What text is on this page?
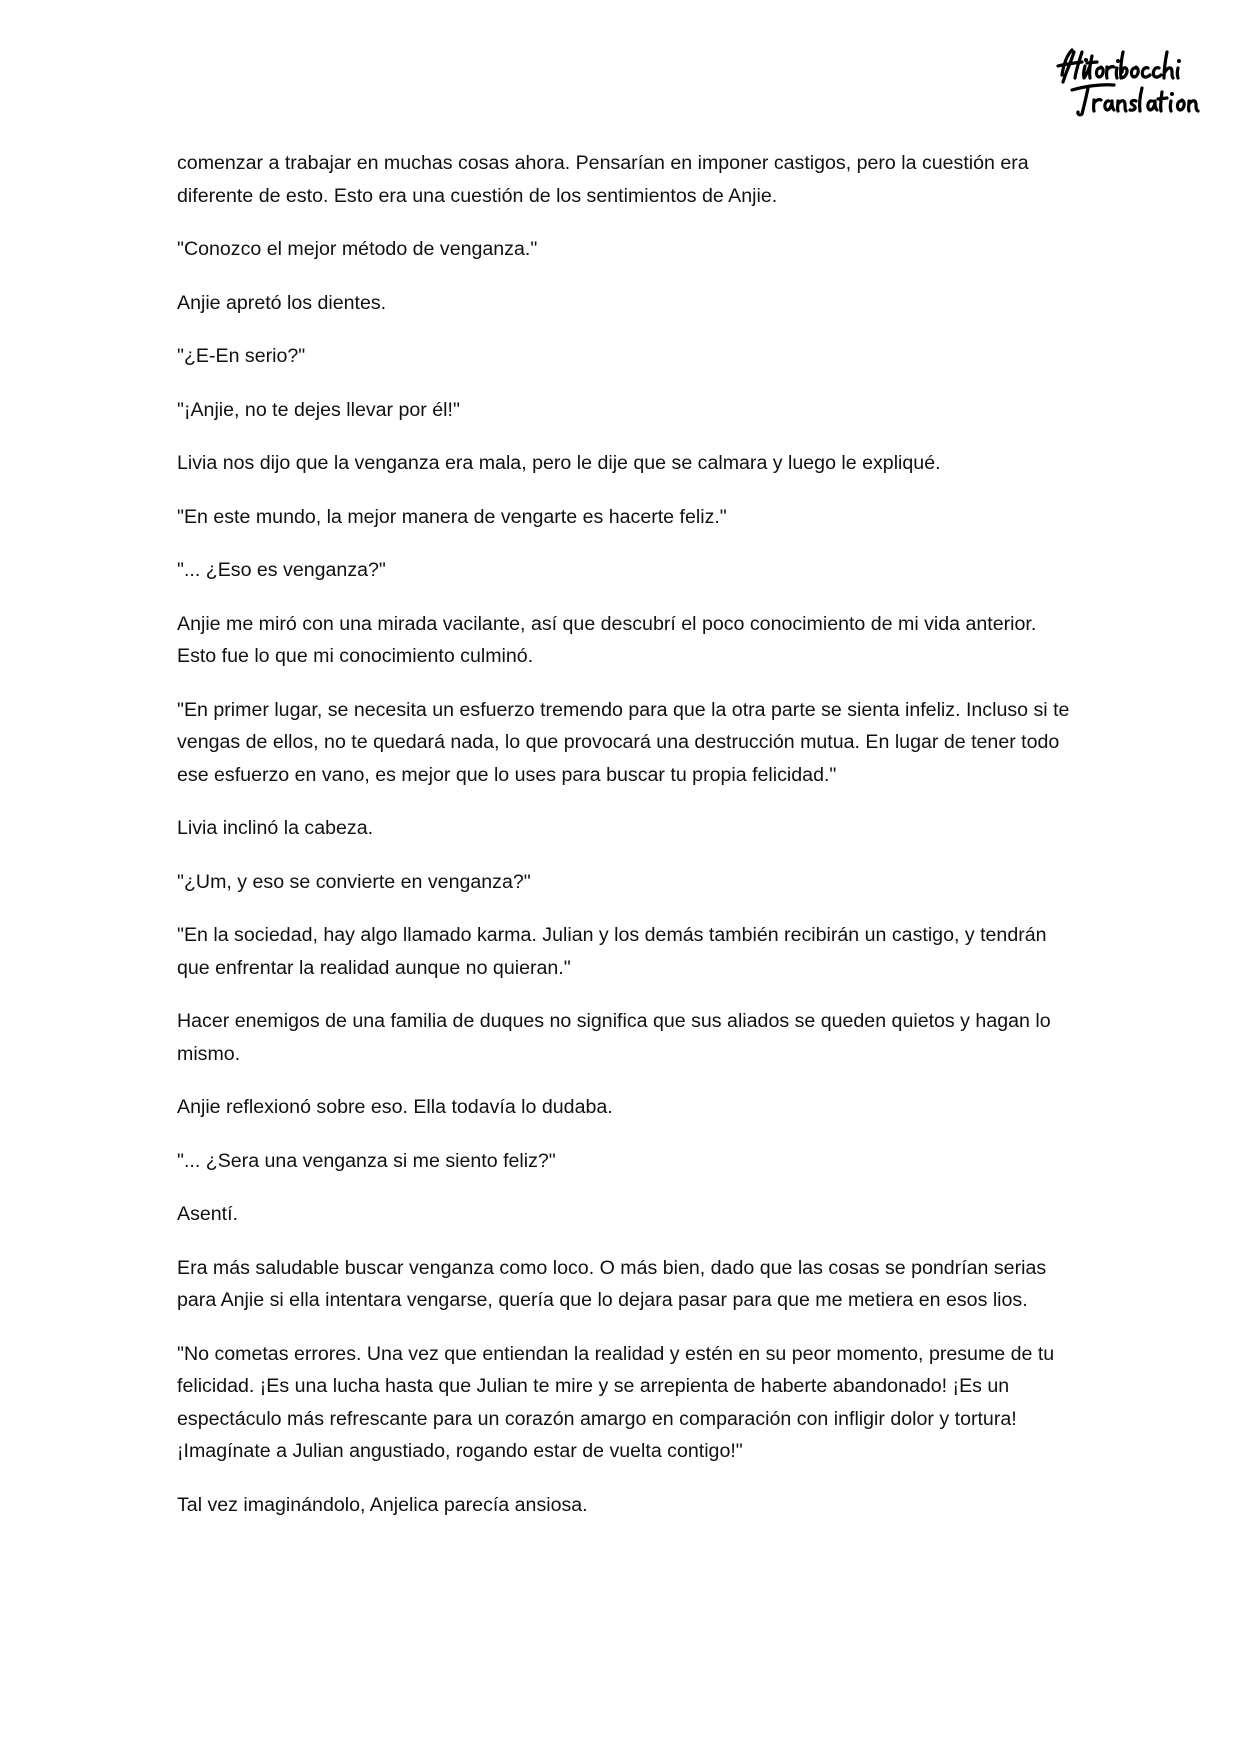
comenzar a trabajar en muchas cosas ahora. Pensarían en imponer castigos, pero la cuestión era diferente de esto. Esto era una cuestión de los sentimientos de Anjie.

"Conozco el mejor método de venganza."

Anjie apretó los dientes.

"¿E-En serio?"

"¡Anjie, no te dejes llevar por él!"

Livia nos dijo que la venganza era mala, pero le dije que se calmara y luego le expliqué.

"En este mundo, la mejor manera de vengarte es hacerte feliz."

"... ¿Eso es venganza?"

Anjie me miró con una mirada vacilante, así que descubrí el poco conocimiento de mi vida anterior. Esto fue lo que mi conocimiento culminó.

"En primer lugar, se necesita un esfuerzo tremendo para que la otra parte se sienta infeliz. Incluso si te vengas de ellos, no te quedará nada, lo que provocará una destrucción mutua. En lugar de tener todo ese esfuerzo en vano, es mejor que lo uses para buscar tu propia felicidad."

Livia inclinó la cabeza.

"¿Um, y eso se convierte en venganza?"

"En la sociedad, hay algo llamado karma. Julian y los demás también recibirán un castigo, y tendrán que enfrentar la realidad aunque no quieran."

Hacer enemigos de una familia de duques no significa que sus aliados se queden quietos y hagan lo mismo.

Anjie reflexionó sobre eso. Ella todavía lo dudaba.

"... ¿Sera una venganza si me siento feliz?"

Asentí.

Era más saludable buscar venganza como loco. O más bien, dado que las cosas se pondrían serias para Anjie si ella intentara vengarse, quería que lo dejara pasar para que me metiera en esos lios.

"No cometas errores. Una vez que entiendan la realidad y estén en su peor momento, presume de tu felicidad. ¡Es una lucha hasta que Julian te mire y se arrepienta de haberte abandonado! ¡Es un espectáculo más refrescante para un corazón amargo en comparación con infligir dolor y tortura! ¡Imagínate a Julian angustiado, rogando estar de vuelta contigo!"

Tal vez imaginándolo, Anjelica parecía ansiosa.
